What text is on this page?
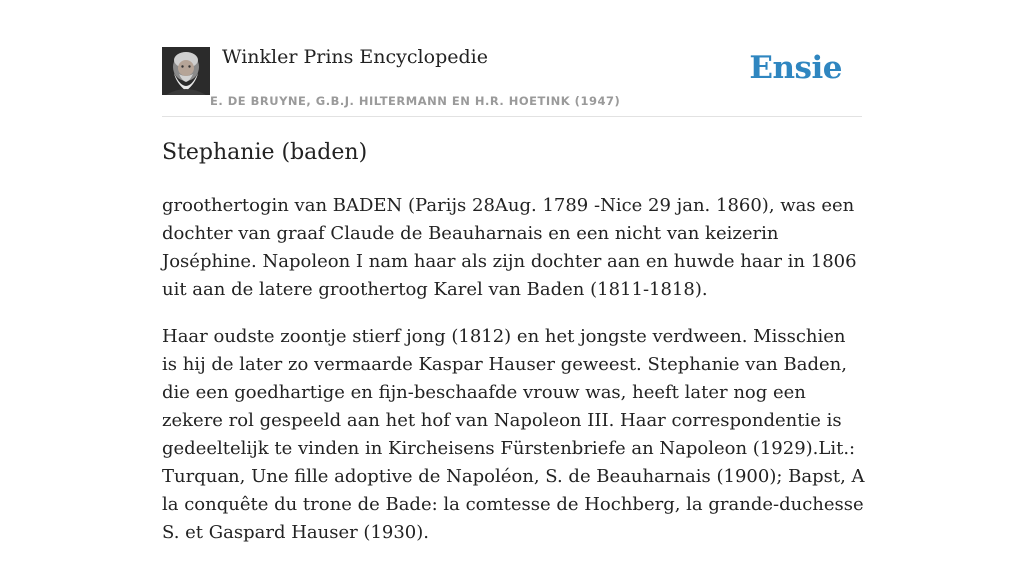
Winkler Prins Encyclopedie
E. DE BRUYNE, G.B.J. HILTERMANN EN H.R. HOETINK (1947)
Ensie
Stephanie (baden)

groothertogin van BADEN (Parijs 28Aug. 1789 -Nice 29 jan. 1860), was een dochter van graaf Claude de Beauharnais en een nicht van keizerin Joséphine. Napoleon I nam haar als zijn dochter aan en huwde haar in 1806 uit aan de latere groothertog Karel van Baden (1811-1818).

Haar oudste zoontje stierf jong (1812) en het jongste verdween. Misschien is hij de later zo vermaarde Kaspar Hauser geweest. Stephanie van Baden, die een goedhartige en fijn-beschaafde vrouw was, heeft later nog een zekere rol gespeeld aan het hof van Napoleon III. Haar correspondentie is gedeeltelijk te vinden in Kircheisens Fürstenbriefe an Napoleon (1929).Lit.: Turquan, Une fille adoptive de Napoléon, S. de Beauharnais (1900); Bapst, A la conquête du trone de Bade: la comtesse de Hochberg, la grande-duchesse S. et Gaspard Hauser (1930).
